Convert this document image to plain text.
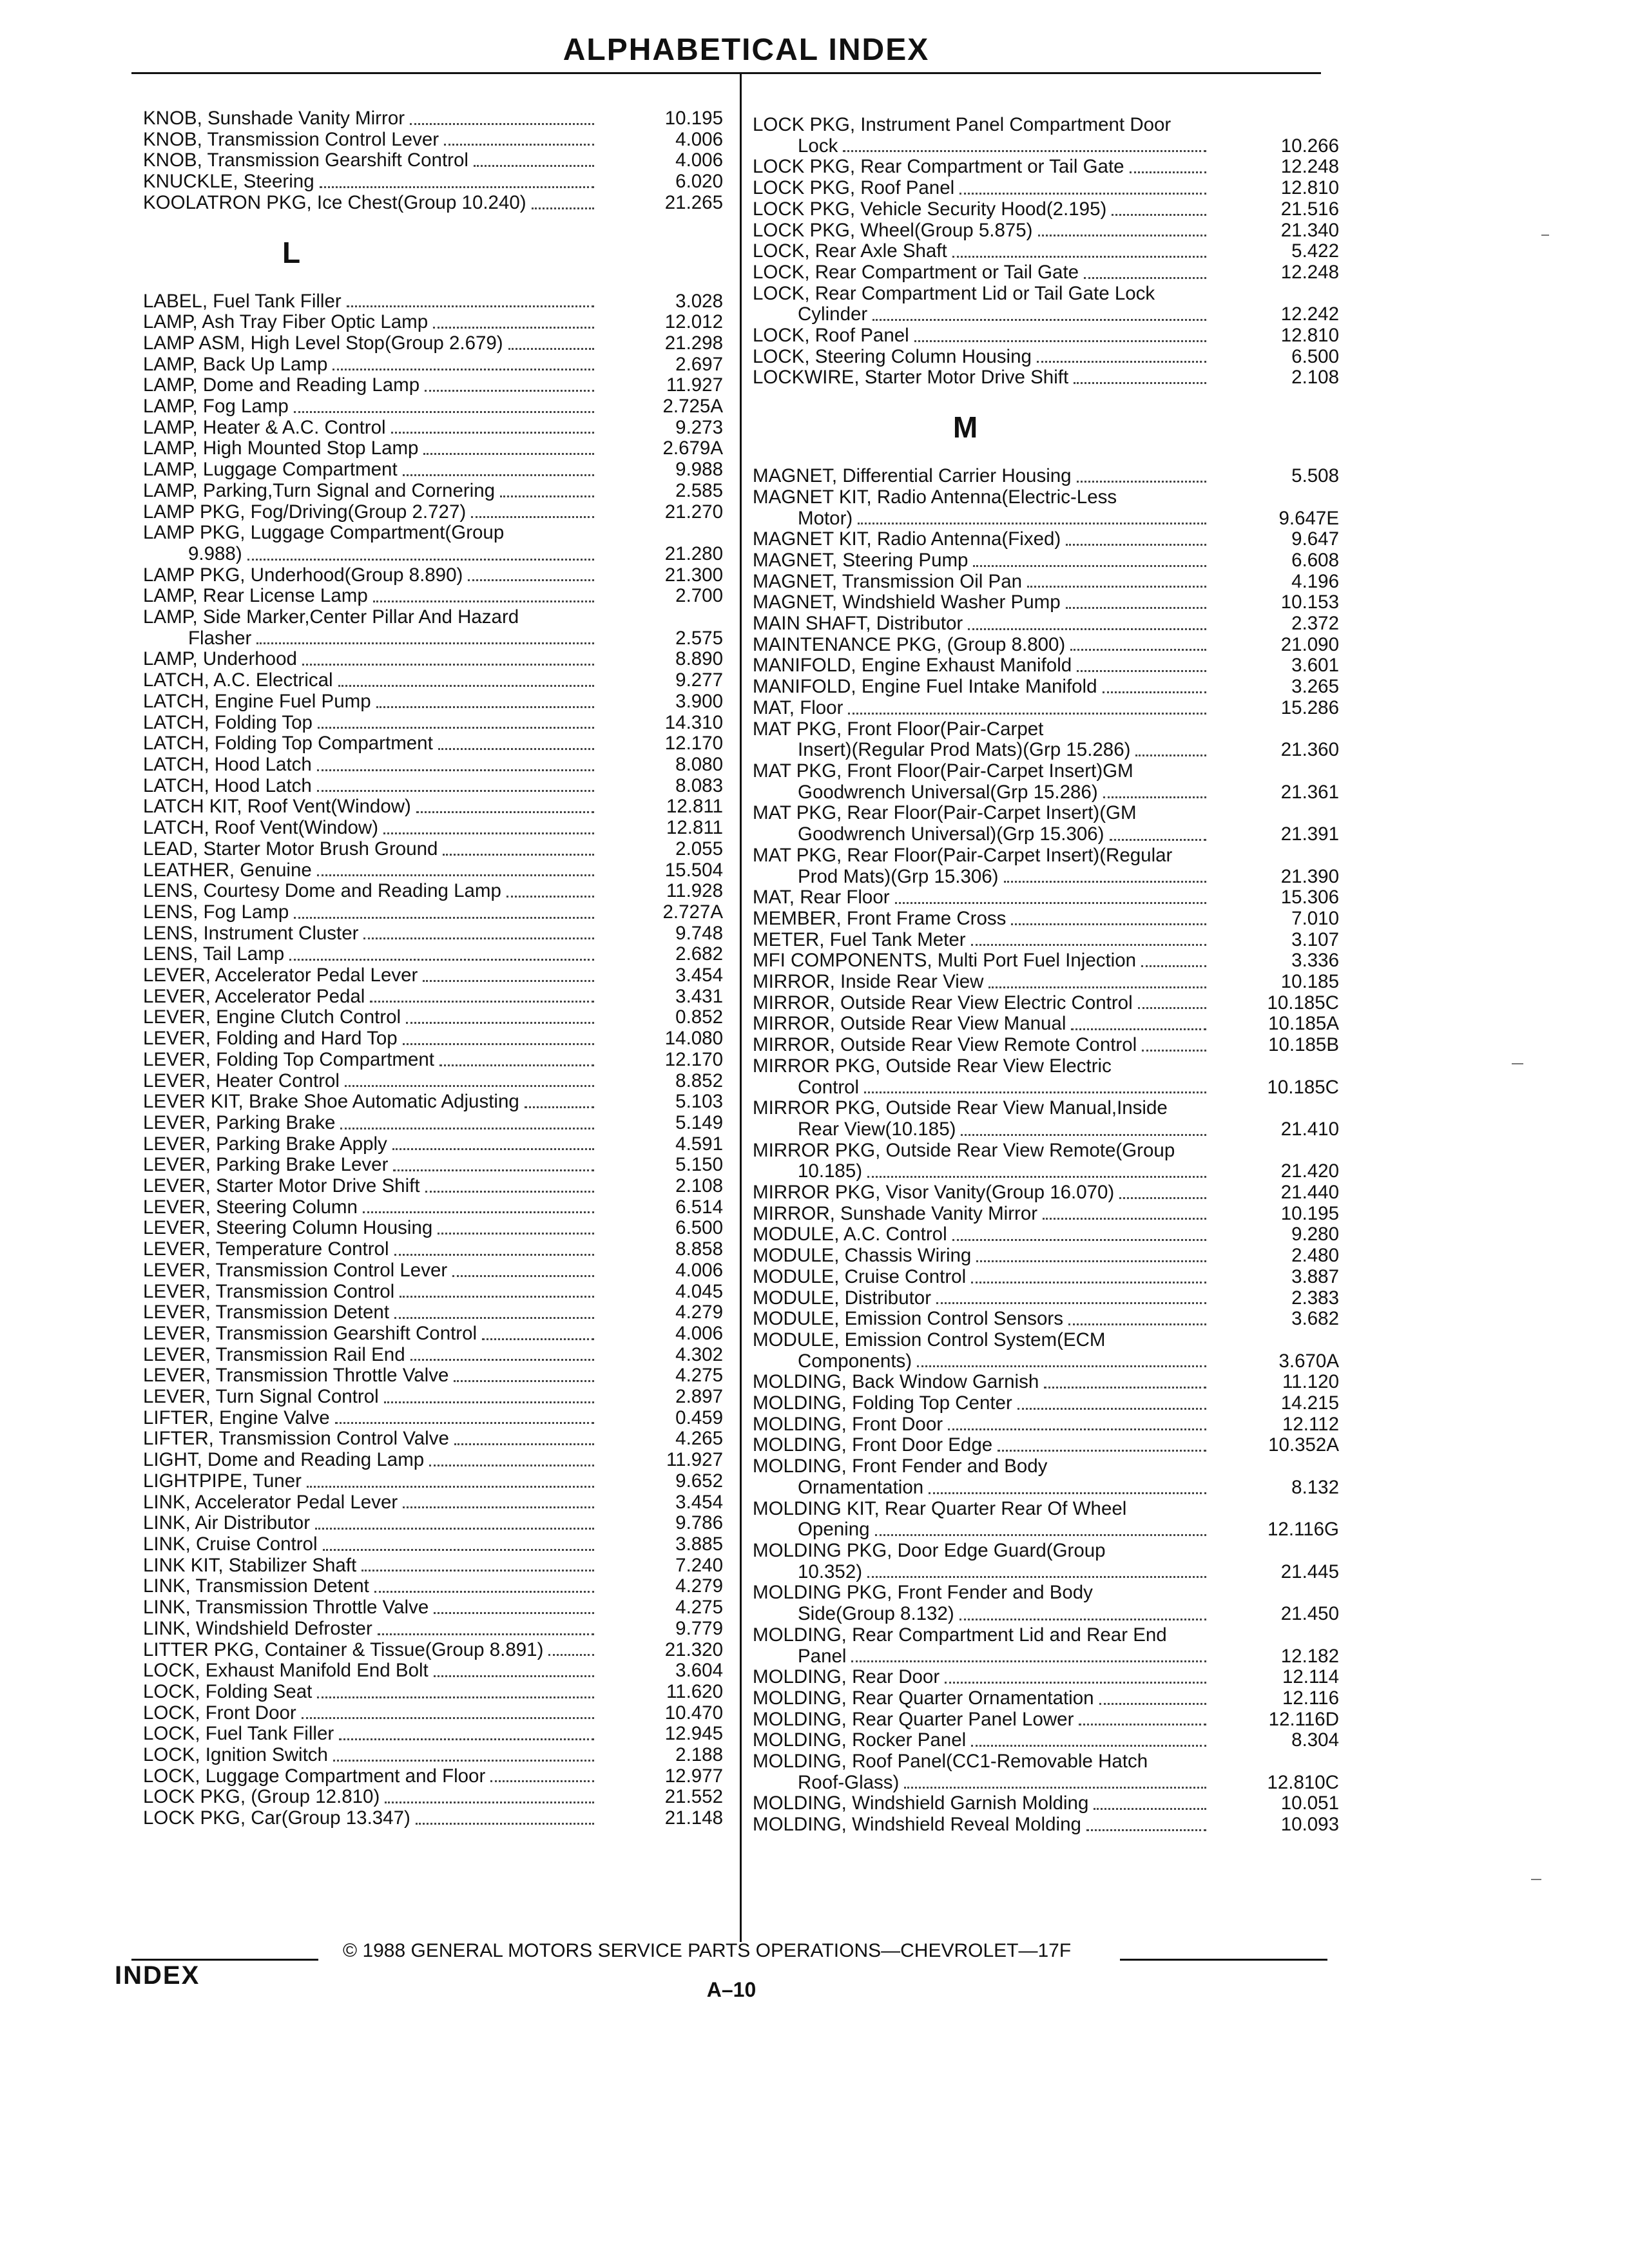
ALPHABETICAL INDEX
KNOB, Sunshade Vanity Mirror	10.195
KNOB, Transmission Control Lever	4.006
KNOB, Transmission Gearshift Control	4.006
KNUCKLE, Steering	6.020
KOOLATRON PKG, Ice Chest(Group 10.240)	21.265
L
LABEL, Fuel Tank Filler	3.028
LAMP, Ash Tray Fiber Optic Lamp	12.012
LAMP ASM, High Level Stop(Group 2.679)	21.298
LAMP, Back Up Lamp	2.697
LAMP, Dome and Reading Lamp	11.927
LAMP, Fog Lamp	2.725A
LAMP, Heater & A.C. Control	9.273
LAMP, High Mounted Stop Lamp	2.679A
LAMP, Luggage Compartment	9.988
LAMP, Parking,Turn Signal and Cornering	2.585
LAMP PKG, Fog/Driving(Group 2.727)	21.270
LAMP PKG, Luggage Compartment(Group
9.988)	21.280
LAMP PKG, Underhood(Group 8.890)	21.300
LAMP, Rear License Lamp	2.700
LAMP, Side Marker,Center Pillar And Hazard
Flasher	2.575
LAMP, Underhood	8.890
LATCH, A.C. Electrical	9.277
LATCH, Engine Fuel Pump	3.900
LATCH, Folding Top	14.310
LATCH, Folding Top Compartment	12.170
LATCH, Hood Latch	8.080
LATCH, Hood Latch	8.083
LATCH KIT, Roof Vent(Window)	12.811
LATCH, Roof Vent(Window)	12.811
LEAD, Starter Motor Brush Ground	2.055
LEATHER, Genuine	15.504
LENS, Courtesy Dome and Reading Lamp	11.928
LENS, Fog Lamp	2.727A
LENS, Instrument Cluster	9.748
LENS, Tail Lamp	2.682
LEVER, Accelerator Pedal Lever	3.454
LEVER, Accelerator Pedal	3.431
LEVER, Engine Clutch Control	0.852
LEVER, Folding and Hard Top	14.080
LEVER, Folding Top Compartment	12.170
LEVER, Heater Control	8.852
LEVER KIT, Brake Shoe Automatic Adjusting	5.103
LEVER, Parking Brake	5.149
LEVER, Parking Brake Apply	4.591
LEVER, Parking Brake Lever	5.150
LEVER, Starter Motor Drive Shift	2.108
LEVER, Steering Column	6.514
LEVER, Steering Column Housing	6.500
LEVER, Temperature Control	8.858
LEVER, Transmission Control Lever	4.006
LEVER, Transmission Control	4.045
LEVER, Transmission Detent	4.279
LEVER, Transmission Gearshift Control	4.006
LEVER, Transmission Rail End	4.302
LEVER, Transmission Throttle Valve	4.275
LEVER, Turn Signal Control	2.897
LIFTER, Engine Valve	0.459
LIFTER, Transmission Control Valve	4.265
LIGHT, Dome and Reading Lamp	11.927
LIGHTPIPE, Tuner	9.652
LINK, Accelerator Pedal Lever	3.454
LINK, Air Distributor	9.786
LINK, Cruise Control	3.885
LINK KIT, Stabilizer Shaft	7.240
LINK, Transmission Detent	4.279
LINK, Transmission Throttle Valve	4.275
LINK, Windshield Defroster	9.779
LITTER PKG, Container & Tissue(Group 8.891)	21.320
LOCK, Exhaust Manifold End Bolt	3.604
LOCK, Folding Seat	11.620
LOCK, Front Door	10.470
LOCK, Fuel Tank Filler	12.945
LOCK, Ignition Switch	2.188
LOCK, Luggage Compartment and Floor	12.977
LOCK PKG, (Group 12.810)	21.552
LOCK PKG, Car(Group 13.347)	21.148
LOCK PKG, Instrument Panel Compartment Door
Lock	10.266
LOCK PKG, Rear Compartment or Tail Gate	12.248
LOCK PKG, Roof Panel	12.810
LOCK PKG, Vehicle Security Hood(2.195)	21.516
LOCK PKG, Wheel(Group 5.875)	21.340
LOCK, Rear Axle Shaft	5.422
LOCK, Rear Compartment or Tail Gate	12.248
LOCK, Rear Compartment Lid or Tail Gate Lock
Cylinder	12.242
LOCK, Roof Panel	12.810
LOCK, Steering Column Housing	6.500
LOCKWIRE, Starter Motor Drive Shift	2.108
M
MAGNET, Differential Carrier Housing	5.508
MAGNET KIT, Radio Antenna(Electric-Less
Motor)	9.647E
MAGNET KIT, Radio Antenna(Fixed)	9.647
MAGNET, Steering Pump	6.608
MAGNET, Transmission Oil Pan	4.196
MAGNET, Windshield Washer Pump	10.153
MAIN SHAFT, Distributor	2.372
MAINTENANCE PKG, (Group 8.800)	21.090
MANIFOLD, Engine Exhaust Manifold	3.601
MANIFOLD, Engine Fuel Intake Manifold	3.265
MAT, Floor	15.286
MAT PKG, Front Floor(Pair-Carpet
Insert)(Regular Prod Mats)(Grp 15.286)	21.360
MAT PKG, Front Floor(Pair-Carpet Insert)GM
Goodwrench Universal(Grp 15.286)	21.361
MAT PKG, Rear Floor(Pair-Carpet Insert)(GM
Goodwrench Universal)(Grp 15.306)	21.391
MAT PKG, Rear Floor(Pair-Carpet Insert)(Regular
Prod Mats)(Grp 15.306)	21.390
MAT, Rear Floor	15.306
MEMBER, Front Frame Cross	7.010
METER, Fuel Tank Meter	3.107
MFI COMPONENTS, Multi Port Fuel Injection	3.336
MIRROR, Inside Rear View	10.185
MIRROR, Outside Rear View Electric Control	10.185C
MIRROR, Outside Rear View Manual	10.185A
MIRROR, Outside Rear View Remote Control	10.185B
MIRROR PKG, Outside Rear View Electric
Control	10.185C
MIRROR PKG, Outside Rear View Manual,Inside
Rear View(10.185)	21.410
MIRROR PKG, Outside Rear View Remote(Group
10.185)	21.420
MIRROR PKG, Visor Vanity(Group 16.070)	21.440
MIRROR, Sunshade Vanity Mirror	10.195
MODULE, A.C. Control	9.280
MODULE, Chassis Wiring	2.480
MODULE, Cruise Control	3.887
MODULE, Distributor	2.383
MODULE, Emission Control Sensors	3.682
MODULE, Emission Control System(ECM
Components)	3.670A
MOLDING, Back Window Garnish	11.120
MOLDING, Folding Top Center	14.215
MOLDING, Front Door	12.112
MOLDING, Front Door Edge	10.352A
MOLDING, Front Fender and Body
Ornamentation	8.132
MOLDING KIT, Rear Quarter Rear Of Wheel
Opening	12.116G
MOLDING PKG, Door Edge Guard(Group
10.352)	21.445
MOLDING PKG, Front Fender and Body
Side(Group 8.132)	21.450
MOLDING, Rear Compartment Lid and Rear End
Panel	12.182
MOLDING, Rear Door	12.114
MOLDING, Rear Quarter Ornamentation	12.116
MOLDING, Rear Quarter Panel Lower	12.116D
MOLDING, Rocker Panel	8.304
MOLDING, Roof Panel(CC1-Removable Hatch
Roof-Glass)	12.810C
MOLDING, Windshield Garnish Molding	10.051
MOLDING, Windshield Reveal Molding	10.093
© 1988 GENERAL MOTORS SERVICE PARTS OPERATIONS—CHEVROLET—17F
INDEX	A–10
